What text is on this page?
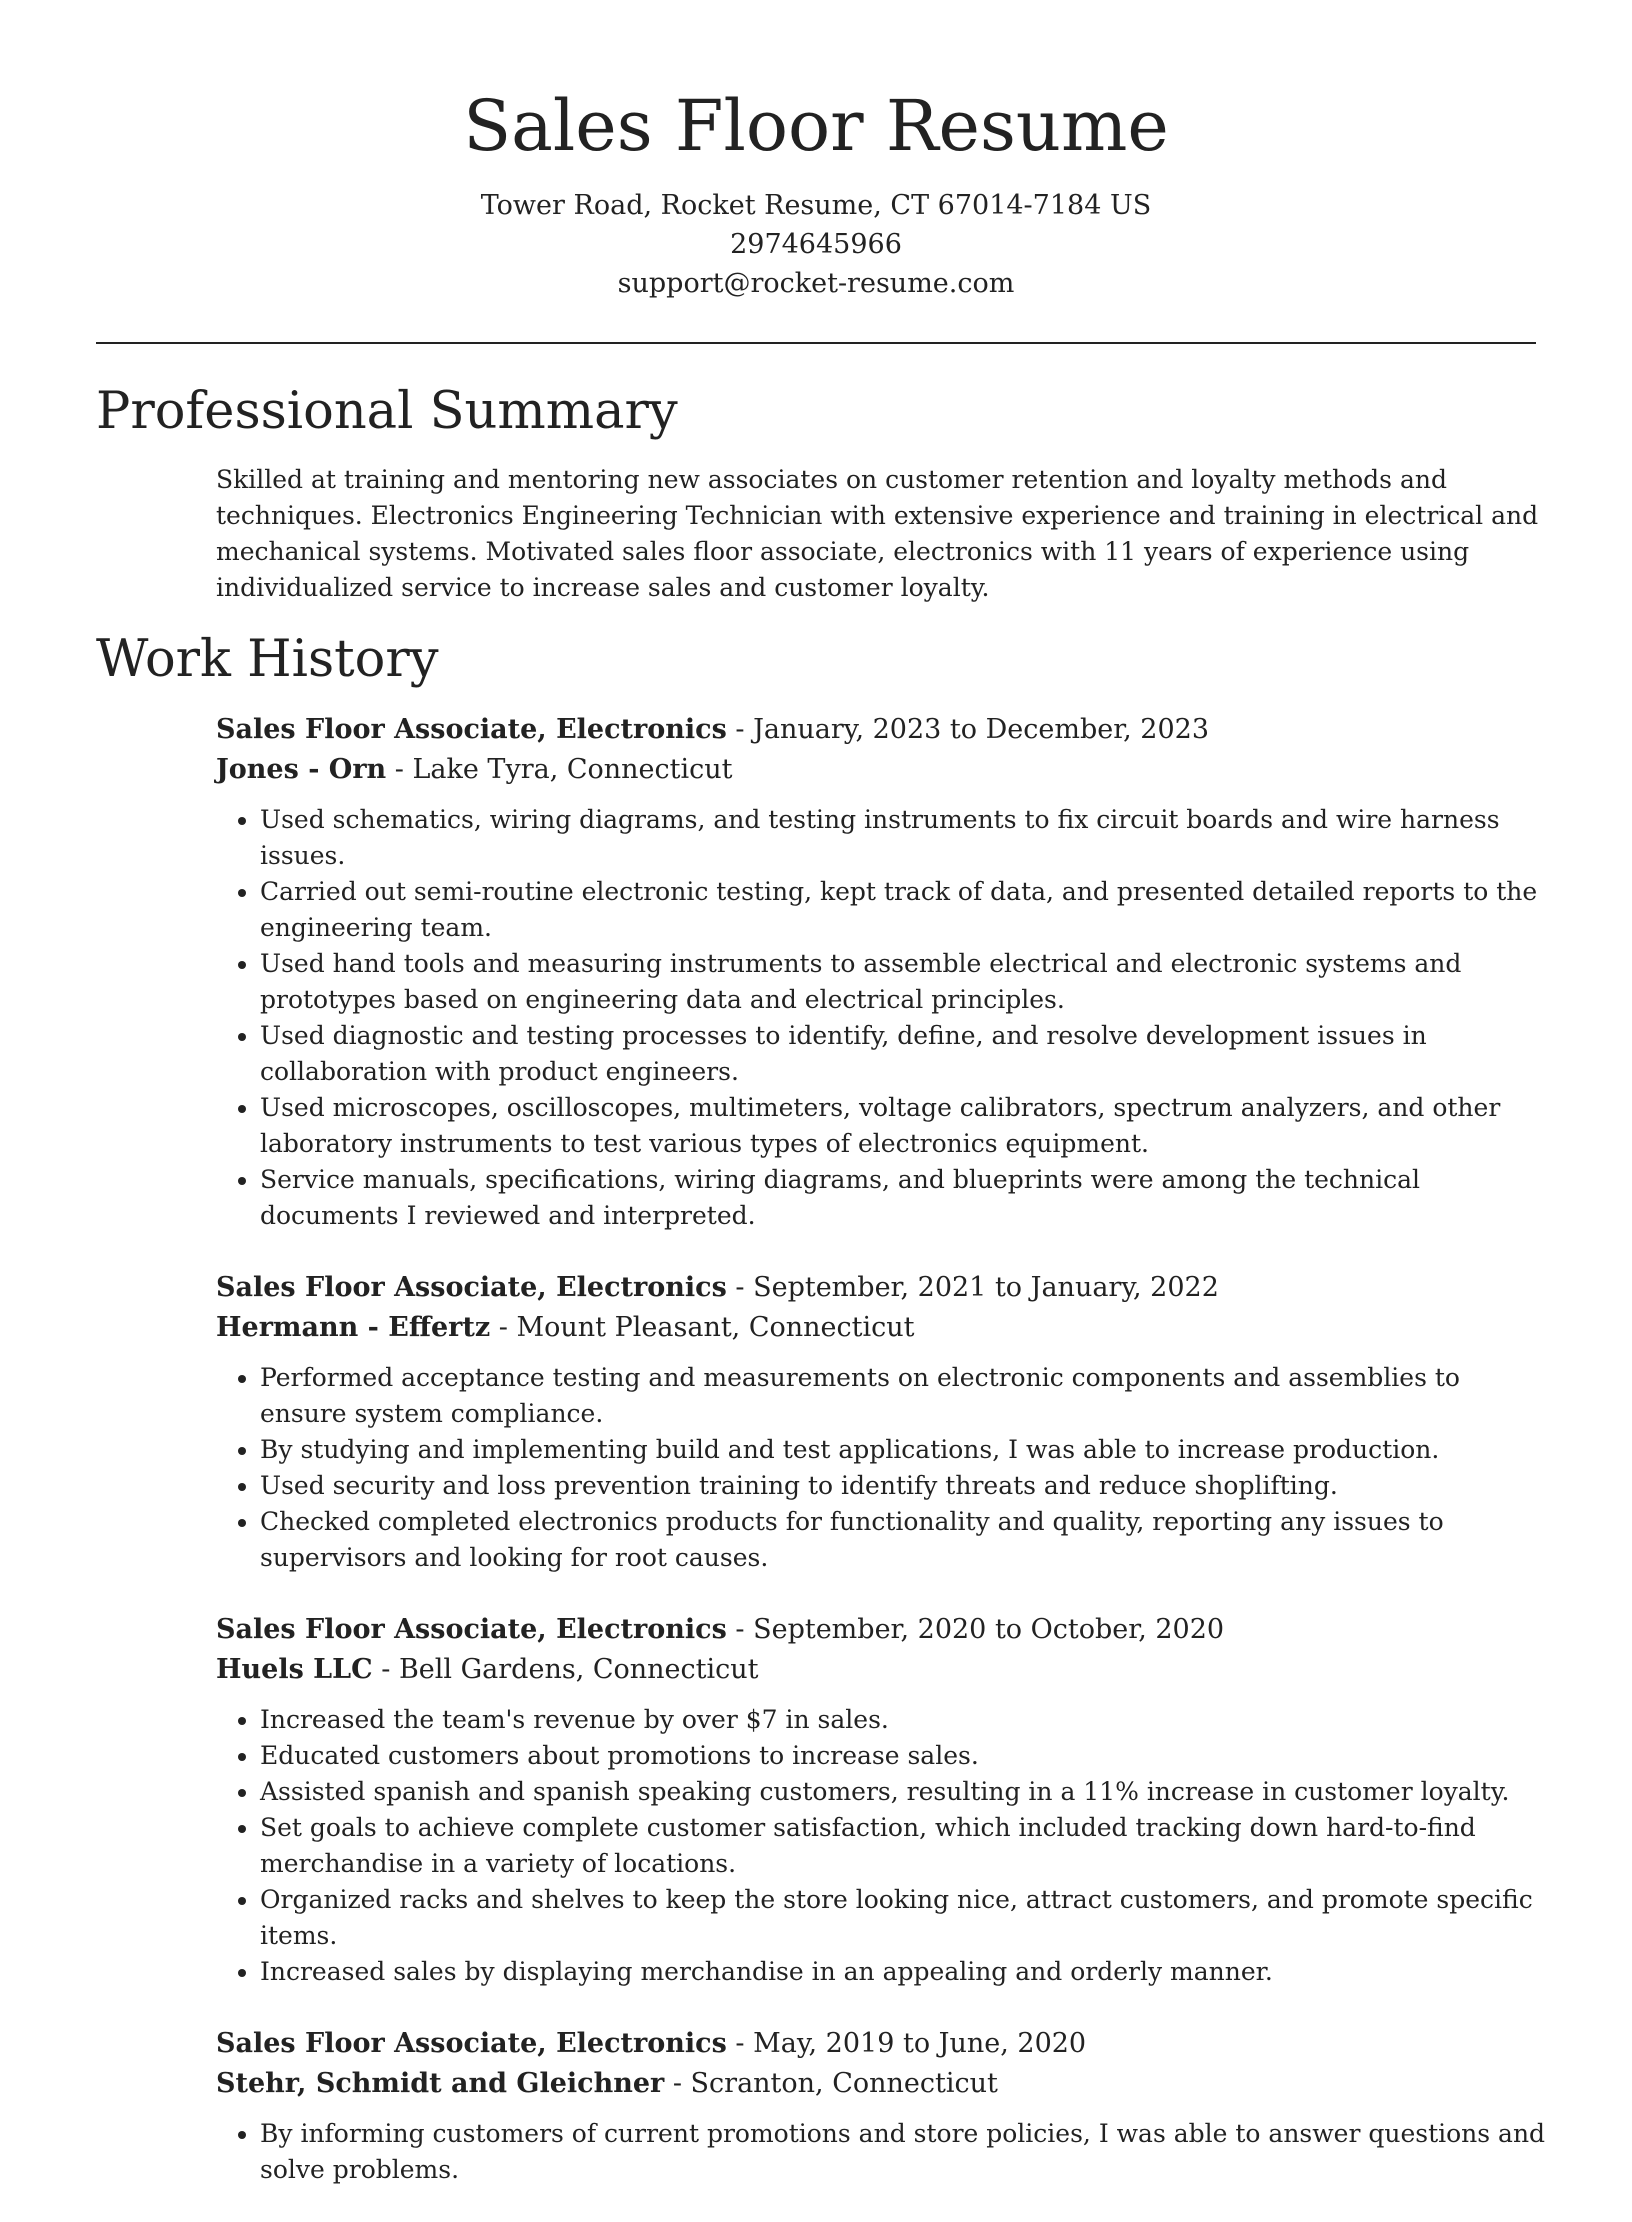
Sales Floor Resume

Tower Road, Rocket Resume, CT 67014-7184 US

2974645966

support@rocket-resume.com

Professional Summary

Skilled at training and mentoring new associates on customer retention and loyalty methods and techniques. Electronics Engineering Technician with extensive experience and training in electrical and mechanical systems. Motivated sales floor associate, electronics with 11 years of experience using individualized service to increase sales and customer loyalty.

Work History

Sales Floor Associate, Electronics - January, 2023 to December, 2023

Jones - Orn - Lake Tyra, Connecticut

• Used schematics, wiring diagrams, and testing instruments to fix circuit boards and wire harness issues.
• Carried out semi-routine electronic testing, kept track of data, and presented detailed reports to the engineering team.
• Used hand tools and measuring instruments to assemble electrical and electronic systems and prototypes based on engineering data and electrical principles.
• Used diagnostic and testing processes to identify, define, and resolve development issues in collaboration with product engineers.
• Used microscopes, oscilloscopes, multimeters, voltage calibrators, spectrum analyzers, and other laboratory instruments to test various types of electronics equipment.
• Service manuals, specifications, wiring diagrams, and blueprints were among the technical documents I reviewed and interpreted.

Sales Floor Associate, Electronics - September, 2021 to January, 2022

Hermann - Effertz - Mount Pleasant, Connecticut

• Performed acceptance testing and measurements on electronic components and assemblies to ensure system compliance.
• By studying and implementing build and test applications, I was able to increase production.
• Used security and loss prevention training to identify threats and reduce shoplifting.
• Checked completed electronics products for functionality and quality, reporting any issues to supervisors and looking for root causes.

Sales Floor Associate, Electronics - September, 2020 to October, 2020

Huels LLC - Bell Gardens, Connecticut

• Increased the team's revenue by over $7 in sales.
• Educated customers about promotions to increase sales.
• Assisted spanish and spanish speaking customers, resulting in a 11% increase in customer loyalty.
• Set goals to achieve complete customer satisfaction, which included tracking down hard-to-find merchandise in a variety of locations.
• Organized racks and shelves to keep the store looking nice, attract customers, and promote specific items.
• Increased sales by displaying merchandise in an appealing and orderly manner.

Sales Floor Associate, Electronics - May, 2019 to June, 2020

Stehr, Schmidt and Gleichner - Scranton, Connecticut

• By informing customers of current promotions and store policies, I was able to answer questions and solve problems.
